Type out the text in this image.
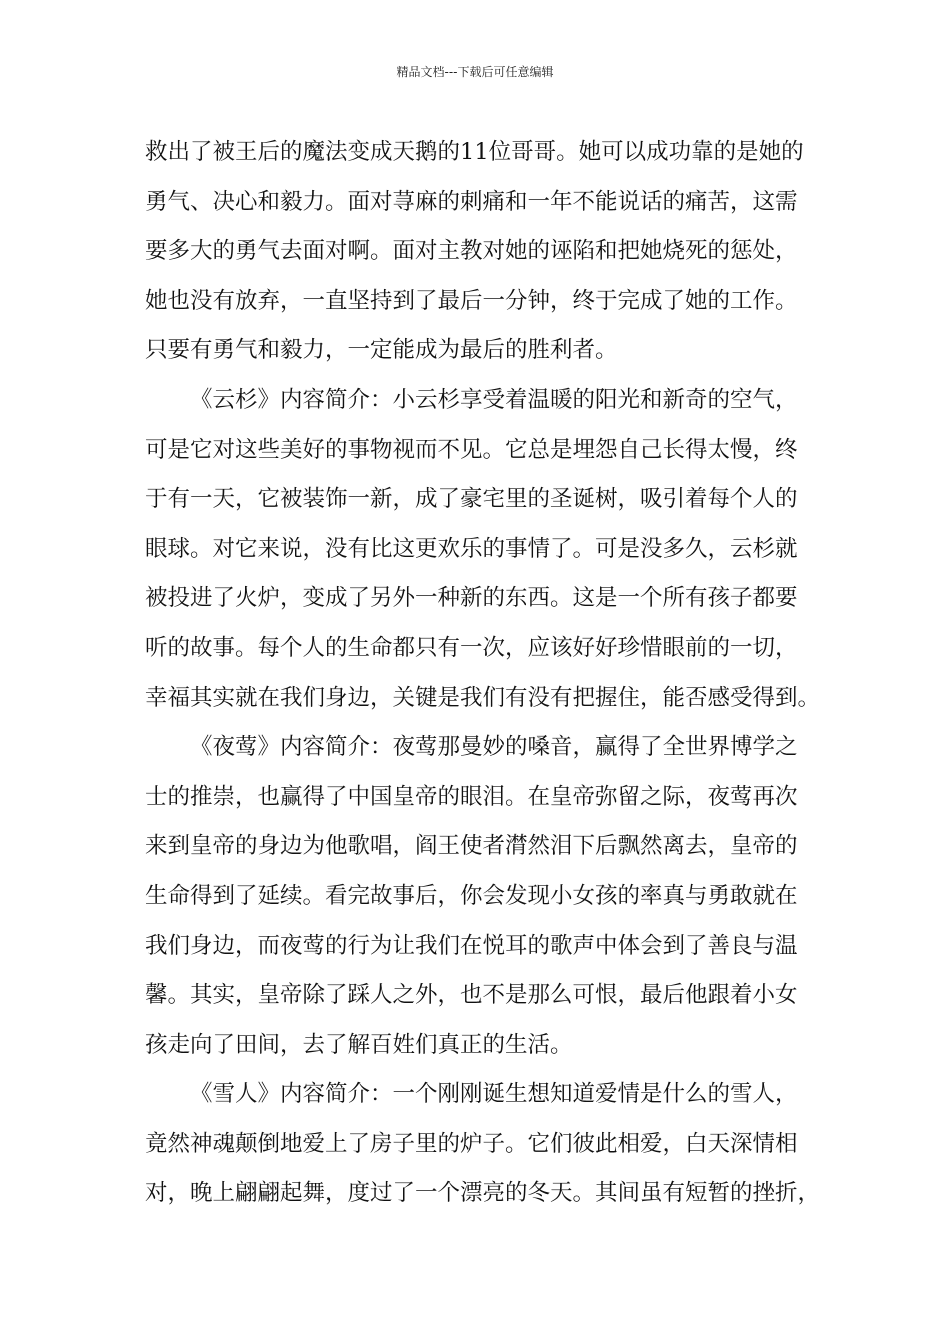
精品文档---下载后可任意编辑
救出了被王后的魔法变成天鹅的11位哥哥。她可以成功靠的是她的
勇气、决心和毅力。面对荨麻的刺痛和一年不能说话的痛苦，这需
要多大的勇气去面对啊。面对主教对她的诬陷和把她烧死的惩处，
她也没有放弃，一直坚持到了最后一分钟，终于完成了她的工作。
只要有勇气和毅力，一定能成为最后的胜利者。
《云杉》内容简介：小云杉享受着温暖的阳光和新奇的空气，
可是它对这些美好的事物视而不见。它总是埋怨自己长得太慢，终
于有一天，它被装饰一新，成了豪宅里的圣诞树，吸引着每个人的
眼球。对它来说，没有比这更欢乐的事情了。可是没多久，云杉就
被投进了火炉，变成了另外一种新的东西。这是一个所有孩子都要
听的故事。每个人的生命都只有一次，应该好好珍惜眼前的一切，
幸福其实就在我们身边，关键是我们有没有把握住，能否感受得到。
《夜莺》内容简介：夜莺那曼妙的嗓音，赢得了全世界博学之
士的推崇，也赢得了中国皇帝的眼泪。在皇帝弥留之际，夜莺再次
来到皇帝的身边为他歌唱，阎王使者潸然泪下后飘然离去，皇帝的
生命得到了延续。看完故事后，你会发现小女孩的率真与勇敢就在
我们身边，而夜莺的行为让我们在悦耳的歌声中体会到了善良与温
馨。其实，皇帝除了踩人之外，也不是那么可恨，最后他跟着小女
孩走向了田间，去了解百姓们真正的生活。
《雪人》内容简介：一个刚刚诞生想知道爱情是什么的雪人，
竟然神魂颠倒地爱上了房子里的炉子。它们彼此相爱，白天深情相
对，晚上翩翩起舞，度过了一个漂亮的冬天。其间虽有短暂的挫折，
